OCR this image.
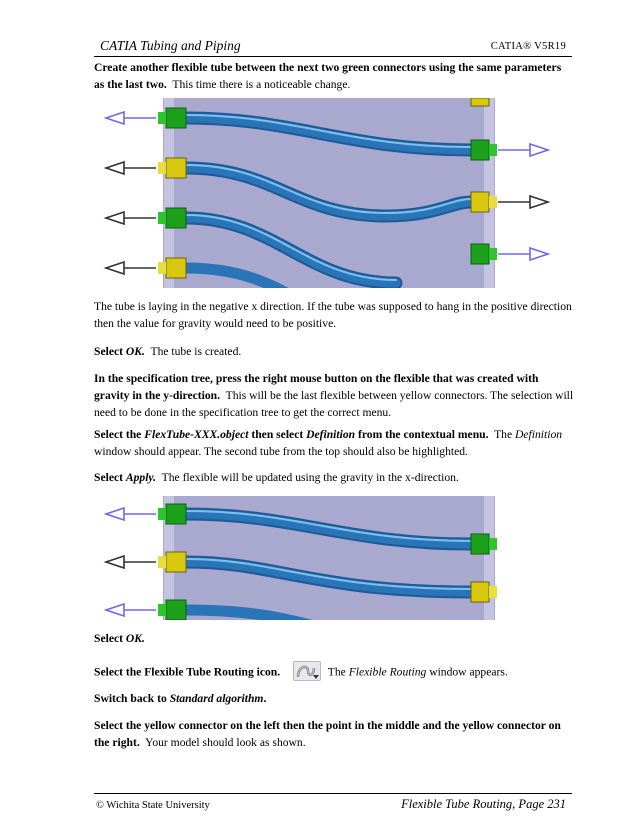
CATIA Tubing and Piping	CATIA® V5R19
Create another flexible tube between the next two green connectors using the same parameters as the last two. This time there is a noticeable change.
The tube is laying in the negative x direction. If the tube was supposed to hang in the positive direction then the value for gravity would need to be positive.
Select OK. The tube is created.
In the specification tree, press the right mouse button on the flexible that was created with gravity in the y-direction. This will be the last flexible between yellow connectors. The selection will need to be done in the specification tree to get the correct menu.
Select the FlexTube-XXX.object then select Definition from the contextual menu. The Definition window should appear. The second tube from the top should also be highlighted.
Select Apply. The flexible will be updated using the gravity in the x-direction.
Select OK.
Select the Flexible Tube Routing icon.	The Flexible Routing window appears.
Switch back to Standard algorithm.
Select the yellow connector on the left then the point in the middle and the yellow connector on the right. Your model should look as shown.
© Wichita State University	Flexible Tube Routing, Page 231
